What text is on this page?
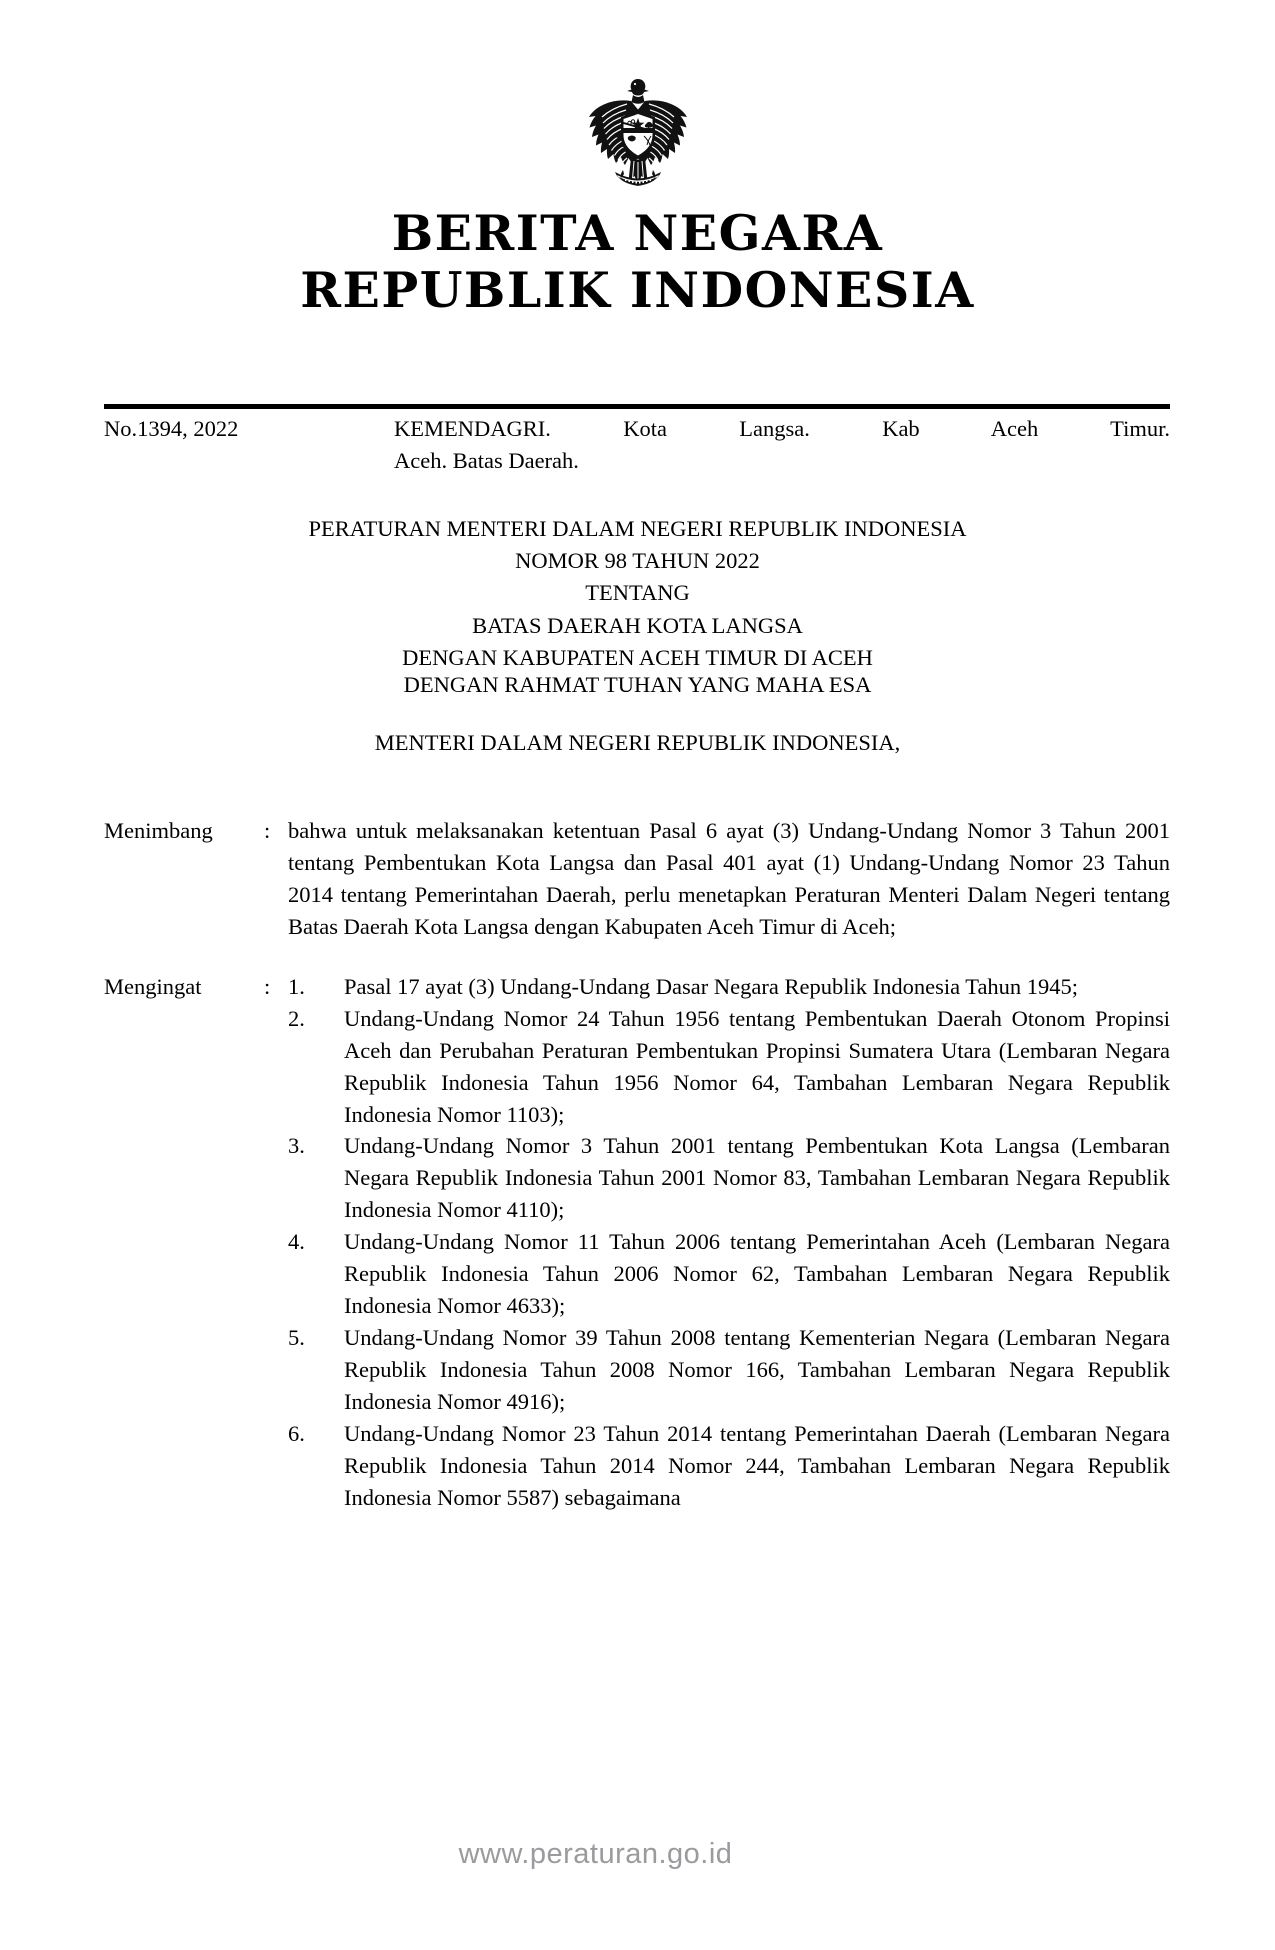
BERITA NEGARA
REPUBLIK INDONESIA
No.1394, 2022	KEMENDAGRI. Kota Langsa. Kab Aceh Timur.
Aceh. Batas Daerah.
PERATURAN MENTERI DALAM NEGERI REPUBLIK INDONESIA
NOMOR 98 TAHUN 2022
TENTANG
BATAS DAERAH KOTA LANGSA
DENGAN KABUPATEN ACEH TIMUR DI ACEH
DENGAN RAHMAT TUHAN YANG MAHA ESA
MENTERI DALAM NEGERI REPUBLIK INDONESIA,
Menimbang	: bahwa untuk melaksanakan ketentuan Pasal 6 ayat (3) Undang-Undang Nomor 3 Tahun 2001 tentang Pembentukan Kota Langsa dan Pasal 401 ayat (1) Undang-Undang Nomor 23 Tahun 2014 tentang Pemerintahan Daerah, perlu menetapkan Peraturan Menteri Dalam Negeri tentang Batas Daerah Kota Langsa dengan Kabupaten Aceh Timur di Aceh;

Mengingat	: 1.	Pasal 17 ayat (3) Undang-Undang Dasar Negara Republik Indonesia Tahun 1945;
2.	Undang-Undang Nomor 24 Tahun 1956 tentang Pembentukan Daerah Otonom Propinsi Aceh dan Perubahan Peraturan Pembentukan Propinsi Sumatera Utara (Lembaran Negara Republik Indonesia Tahun 1956 Nomor 64, Tambahan Lembaran Negara Republik Indonesia Nomor 1103);
3.	Undang-Undang Nomor 3 Tahun 2001 tentang Pembentukan Kota Langsa (Lembaran Negara Republik Indonesia Tahun 2001 Nomor 83, Tambahan Lembaran Negara Republik Indonesia Nomor 4110);
4.	Undang-Undang Nomor 11 Tahun 2006 tentang Pemerintahan Aceh (Lembaran Negara Republik Indonesia Tahun 2006 Nomor 62, Tambahan Lembaran Negara Republik Indonesia Nomor 4633);
5.	Undang-Undang Nomor 39 Tahun 2008 tentang Kementerian Negara (Lembaran Negara Republik Indonesia Tahun 2008 Nomor 166, Tambahan Lembaran Negara Republik Indonesia Nomor 4916);
6.	Undang-Undang Nomor 23 Tahun 2014 tentang Pemerintahan Daerah (Lembaran Negara Republik Indonesia Tahun 2014 Nomor 244, Tambahan Lembaran Negara Republik Indonesia Nomor 5587) sebagaimana
www.peraturan.go.id
